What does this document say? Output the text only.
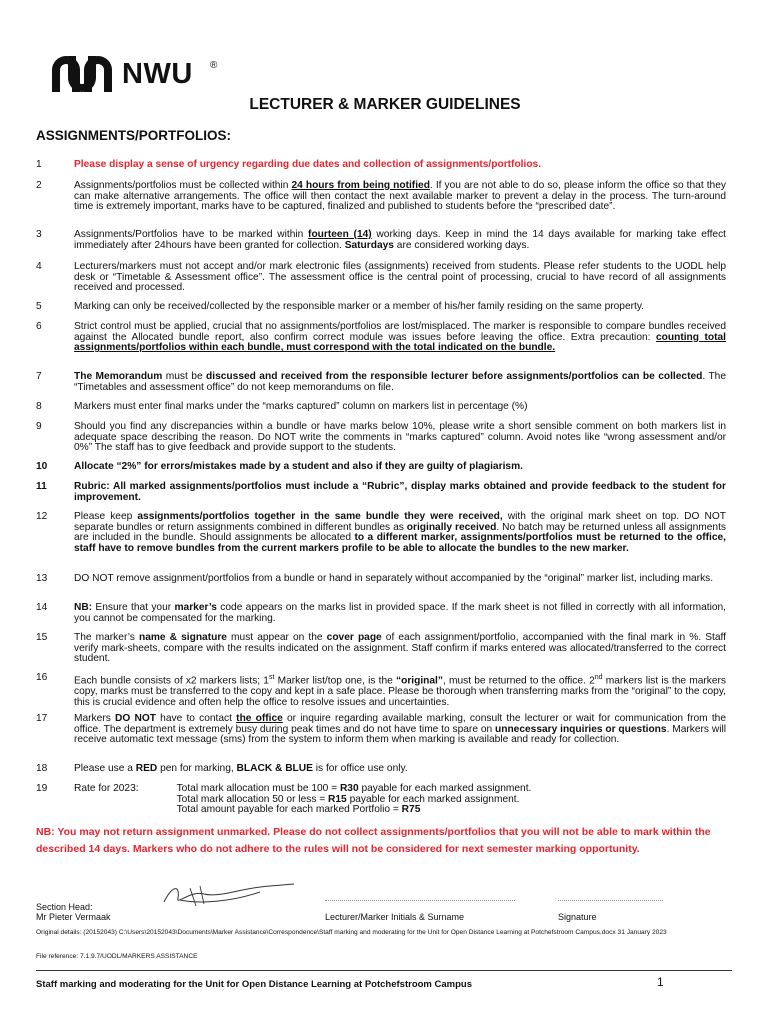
NWU ®
LECTURER & MARKER GUIDELINES
ASSIGNMENTS/PORTFOLIOS:
1	Please display a sense of urgency regarding due dates and collection of assignments/portfolios.
2	Assignments/portfolios must be collected within 24 hours from being notified. If you are not able to do so, please inform the office so that they can make alternative arrangements. The office will then contact the next available marker to prevent a delay in the process. The turn-around time is extremely important, marks have to be captured, finalized and published to students before the “prescribed date”.
3	Assignments/Portfolios have to be marked within fourteen (14) working days. Keep in mind the 14 days available for marking take effect immediately after 24hours have been granted for collection. Saturdays are considered working days.
4	Lecturers/markers must not accept and/or mark electronic files (assignments) received from students. Please refer students to the UODL help desk or “Timetable & Assessment office”. The assessment office is the central point of processing, crucial to have record of all assignments received and processed.
5	Marking can only be received/collected by the responsible marker or a member of his/her family residing on the same property.
6	Strict control must be applied, crucial that no assignments/portfolios are lost/misplaced. The marker is responsible to compare bundles received against the Allocated bundle report, also confirm correct module was issues before leaving the office. Extra precaution: counting total assignments/portfolios within each bundle, must correspond with the total indicated on the bundle.
7	The Memorandum must be discussed and received from the responsible lecturer before assignments/portfolios can be collected. The “Timetables and assessment office” do not keep memorandums on file.
8	Markers must enter final marks under the “marks captured” column on markers list in percentage (%)
9	Should you find any discrepancies within a bundle or have marks below 10%, please write a short sensible comment on both markers list in adequate space describing the reason. Do NOT write the comments in “marks captured” column. Avoid notes like “wrong assessment and/or 0%” The staff has to give feedback and provide support to the students.
10	Allocate “2%” for errors/mistakes made by a student and also if they are guilty of plagiarism.
11	Rubric: All marked assignments/portfolios must include a “Rubric”, display marks obtained and provide feedback to the student for improvement.
12	Please keep assignments/portfolios together in the same bundle they were received, with the original mark sheet on top. DO NOT separate bundles or return assignments combined in different bundles as originally received. No batch may be returned unless all assignments are included in the bundle. Should assignments be allocated to a different marker, assignments/portfolios must be returned to the office, staff have to remove bundles from the current markers profile to be able to allocate the bundles to the new marker.
13	DO NOT remove assignment/portfolios from a bundle or hand in separately without accompanied by the “original” marker list, including marks.
14	NB: Ensure that your marker’s code appears on the marks list in provided space. If the mark sheet is not filled in correctly with all information, you cannot be compensated for the marking.
15	The marker’s name & signature must appear on the cover page of each assignment/portfolio, accompanied with the final mark in %. Staff verify mark-sheets, compare with the results indicated on the assignment. Staff confirm if marks entered was allocated/transferred to the correct student.
16	Each bundle consists of x2 markers lists; 1st Marker list/top one, is the “original”, must be returned to the office. 2nd markers list is the markers copy, marks must be transferred to the copy and kept in a safe place. Please be thorough when transferring marks from the “original” to the copy, this is crucial evidence and often help the office to resolve issues and uncertainties.
17	Markers DO NOT have to contact the office or inquire regarding available marking, consult the lecturer or wait for communication from the office. The department is extremely busy during peak times and do not have time to spare on unnecessary inquiries or questions. Markers will receive automatic text message (sms) from the system to inform them when marking is available and ready for collection.
18	Please use a RED pen for marking, BLACK & BLUE is for office use only.
19	Rate for 2023:	Total mark allocation must be 100 = R30 payable for each marked assignment.
Total mark allocation 50 or less = R15 payable for each marked assignment.
Total amount payable for each marked Portfolio = R75
NB: You may not return assignment unmarked. Please do not collect assignments/portfolios that you will not be able to mark within the described 14 days. Markers who do not adhere to the rules will not be considered for next semester marking opportunity.
Section Head:
Mr Pieter Vermaak	Lecturer/Marker Initials & Surname	Signature
Original details: (20152043) C:\Users\20152043\Documents\Marker Assistance\Correspondence\Staff marking and moderating for the Unit for Open Distance Learning at Potchefstroom Campus.docx 31 January 2023
File reference: 7.1.9.7/UODL/MARKERS ASSISTANCE
Staff marking and moderating for the Unit for Open Distance Learning at Potchefstroom Campus	1
